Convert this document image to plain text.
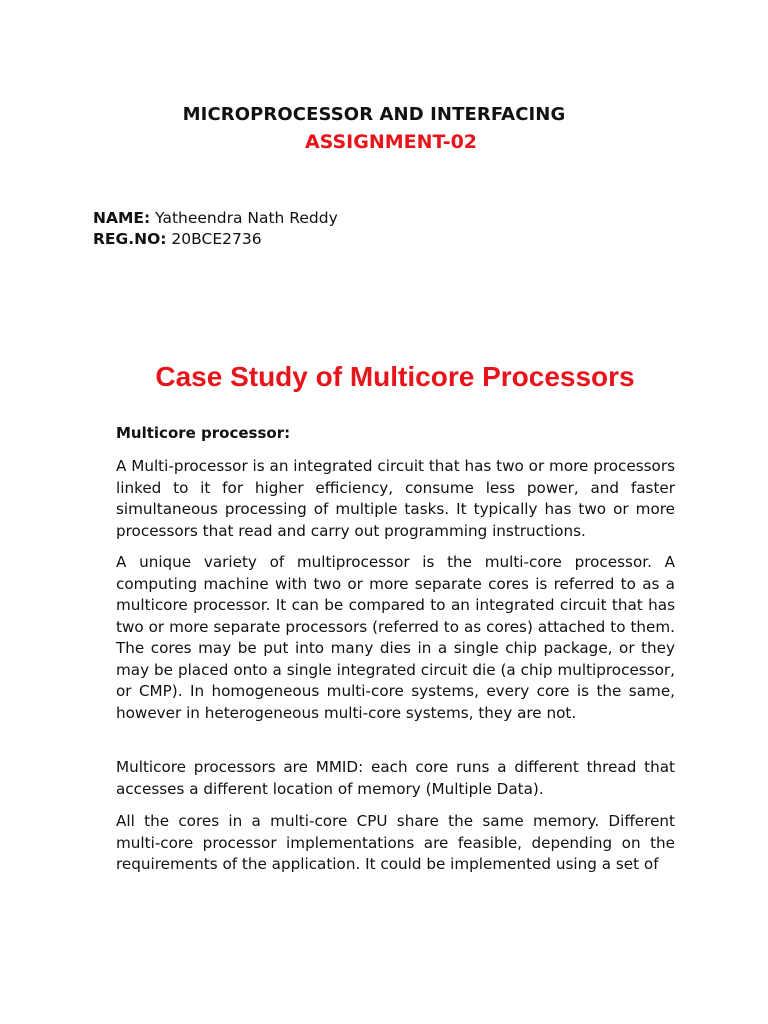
MICROPROCESSOR AND INTERFACING
ASSIGNMENT-02
NAME: Yatheendra Nath Reddy
REG.NO: 20BCE2736
Case Study of Multicore Processors
Multicore processor:

A Multi-processor is an integrated circuit that has two or more processors linked to it for higher efficiency, consume less power, and faster simultaneous processing of multiple tasks. It typically has two or more processors that read and carry out programming instructions.

A unique variety of multiprocessor is the multi-core processor. A computing machine with two or more separate cores is referred to as a multicore processor. It can be compared to an integrated circuit that has two or more separate processors (referred to as cores) attached to them. The cores may be put into many dies in a single chip package, or they may be placed onto a single integrated circuit die (a chip multiprocessor, or CMP). In homogeneous multi-core systems, every core is the same, however in heterogeneous multi-core systems, they are not.

Multicore processors are MMID: each core runs a different thread that accesses a different location of memory (Multiple Data).

All the cores in a multi-core CPU share the same memory. Different multi-core processor implementations are feasible, depending on the requirements of the application. It could be implemented using a set of
